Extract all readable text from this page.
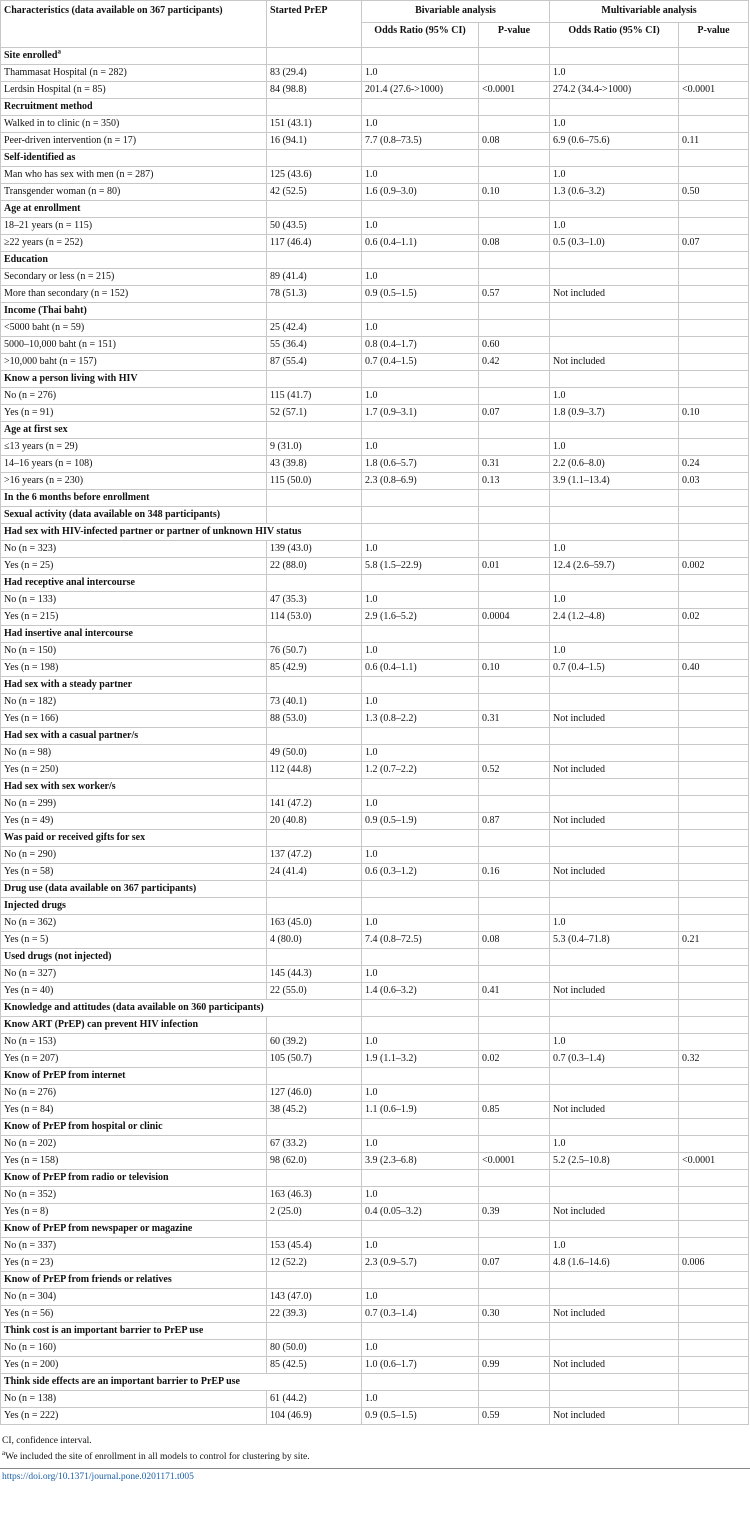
Characteristics (data available on 367 participants)	Started PrEP	Bivariable analysis		Multivariable analysis	
		Odds Ratio (95% CI)	P-value	Odds Ratio (95% CI)	P-value
Site enrolled$^a$					
Thammasat Hospital (n = 282)	83 (29.4)	1.0		1.0	
Lerdsin Hospital (n = 85)	84 (98.8)	201.4 (27.6->1000)	<0.0001	274.2 (34.4->1000)	<0.0001
Recruitment method					
Walked in to clinic (n = 350)	151 (43.1)	1.0		1.0	
Peer-driven intervention (n = 17)	16 (94.1)	7.7 (0.8–73.5)	0.08	6.9 (0.6–75.6)	0.11
Self-identified as					
Man who has sex with men (n = 287)	125 (43.6)	1.0		1.0	
Transgender woman (n = 80)	42 (52.5)	1.6 (0.9–3.0)	0.10	1.3 (0.6–3.2)	0.50
Age at enrollment					
18–21 years (n = 115)	50 (43.5)	1.0		1.0	
≥22 years (n = 252)	117 (46.4)	0.6 (0.4–1.1)	0.08	0.5 (0.3–1.0)	0.07
Education					
Secondary or less (n = 215)	89 (41.4)	1.0			
More than secondary (n = 152)	78 (51.3)	0.9 (0.5–1.5)	0.57	Not included	
Income (Thai baht)					
<5000 baht (n = 59)	25 (42.4)	1.0			
5000–10,000 baht (n = 151)	55 (36.4)	0.8 (0.4–1.7)	0.60		
>10,000 baht (n = 157)	87 (55.4)	0.7 (0.4–1.5)	0.42	Not included	
Know a person living with HIV					
No (n = 276)	115 (41.7)	1.0		1.0	
Yes (n = 91)	52 (57.1)	1.7 (0.9–3.1)	0.07	1.8 (0.9–3.7)	0.10
Age at first sex					
≤13 years (n = 29)	9 (31.0)	1.0		1.0	
14–16 years (n = 108)	43 (39.8)	1.8 (0.6–5.7)	0.31	2.2 (0.6–8.0)	0.24
>16 years (n = 230)	115 (50.0)	2.3 (0.8–6.9)	0.13	3.9 (1.1–13.4)	0.03
In the 6 months before enrollment					
Sexual activity (data available on 348 participants)					
Had sex with HIV-infected partner or partner of unknown HIV status					
No (n = 323)	139 (43.0)	1.0		1.0	
Yes (n = 25)	22 (88.0)	5.8 (1.5–22.9)	0.01	12.4 (2.6–59.7)	0.002
Had receptive anal intercourse					
No (n = 133)	47 (35.3)	1.0		1.0	
Yes (n = 215)	114 (53.0)	2.9 (1.6–5.2)	0.0004	2.4 (1.2–4.8)	0.02
Had insertive anal intercourse					
No (n = 150)	76 (50.7)	1.0		1.0	
Yes (n = 198)	85 (42.9)	0.6 (0.4–1.1)	0.10	0.7 (0.4–1.5)	0.40
Had sex with a steady partner					
No (n = 182)	73 (40.1)	1.0			
Yes (n = 166)	88 (53.0)	1.3 (0.8–2.2)	0.31	Not included	
Had sex with a casual partner/s					
No (n = 98)	49 (50.0)	1.0			
Yes (n = 250)	112 (44.8)	1.2 (0.7–2.2)	0.52	Not included	
Had sex with sex worker/s					
No (n = 299)	141 (47.2)	1.0			
Yes (n = 49)	20 (40.8)	0.9 (0.5–1.9)	0.87	Not included	
Was paid or received gifts for sex					
No (n = 290)	137 (47.2)	1.0			
Yes (n = 58)	24 (41.4)	0.6 (0.3–1.2)	0.16	Not included	
Drug use (data available on 367 participants)					
Injected drugs					
No (n = 362)	163 (45.0)	1.0		1.0	
Yes (n = 5)	4 (80.0)	7.4 (0.8–72.5)	0.08	5.3 (0.4–71.8)	0.21
Used drugs (not injected)					
No (n = 327)	145 (44.3)	1.0			
Yes (n = 40)	22 (55.0)	1.4 (0.6–3.2)	0.41	Not included	
Knowledge and attitudes (data available on 360 participants)					
Know ART (PrEP) can prevent HIV infection					
No (n = 153)	60 (39.2)	1.0		1.0	
Yes (n = 207)	105 (50.7)	1.9 (1.1–3.2)	0.02	0.7 (0.3–1.4)	0.32
Know of PrEP from internet					
No (n = 276)	127 (46.0)	1.0			
Yes (n = 84)	38 (45.2)	1.1 (0.6–1.9)	0.85	Not included	
Know of PrEP from hospital or clinic					
No (n = 202)	67 (33.2)	1.0		1.0	
Yes (n = 158)	98 (62.0)	3.9 (2.3–6.8)	<0.0001	5.2 (2.5–10.8)	<0.0001
Know of PrEP from radio or television					
No (n = 352)	163 (46.3)	1.0			
Yes (n = 8)	2 (25.0)	0.4 (0.05–3.2)	0.39	Not included	
Know of PrEP from newspaper or magazine					
No (n = 337)	153 (45.4)	1.0		1.0	
Yes (n = 23)	12 (52.2)	2.3 (0.9–5.7)	0.07	4.8 (1.6–14.6)	0.006
Know of PrEP from friends or relatives					
No (n = 304)	143 (47.0)	1.0			
Yes (n = 56)	22 (39.3)	0.7 (0.3–1.4)	0.30	Not included	
Think cost is an important barrier to PrEP use					
No (n = 160)	80 (50.0)	1.0			
Yes (n = 200)	85 (42.5)	1.0 (0.6–1.7)	0.99	Not included	
Think side effects are an important barrier to PrEP use					
No (n = 138)	61 (44.2)	1.0			
Yes (n = 222)	104 (46.9)	0.9 (0.5–1.5)	0.59	Not included	
CI, confidence interval.
$^a$We included the site of enrollment in all models to control for clustering by site.
https://doi.org/10.1371/journal.pone.0201171.t005
